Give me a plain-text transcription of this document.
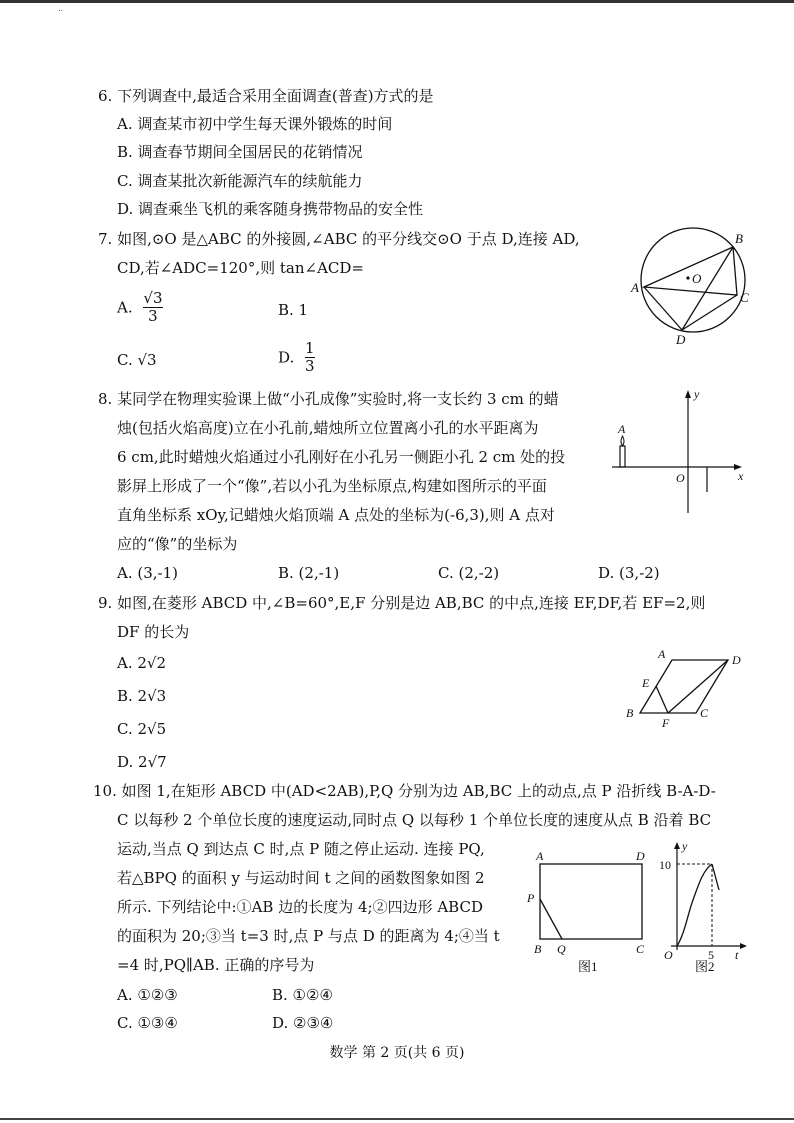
..
6. 下列调查中,最适合采用全面调查(普查)方式的是
A. 调查某市初中学生每天课外锻炼的时间
B. 调查春节期间全国居民的花销情况
C. 调查某批次新能源汽车的续航能力
D. 调查乘坐飞机的乘客随身携带物品的安全性
7. 如图,⊙O 是△ABC 的外接圆,∠ABC 的平分线交⊙O 于点 D,连接 AD,
CD,若∠ADC=120°,则 tan∠ACD=
A. $\frac{√3}{3}$	B. 1
C. √3	D. $\frac{1}{3}$
O
A
B
C
D
8. 某同学在物理实验课上做“小孔成像”实验时,将一支长约 3 cm 的蜡
烛(包括火焰高度)立在小孔前,蜡烛所立位置离小孔的水平距离为
6 cm,此时蜡烛火焰通过小孔刚好在小孔另一侧距小孔 2 cm 处的投
影屏上形成了一个“像”,若以小孔为坐标原点,构建如图所示的平面
直角坐标系 xOy,记蜡烛火焰顶端 A 点处的坐标为(-6,3),则 A 点对
应的“像”的坐标为
A. (3,-1)	B. (2,-1)	C. (2,-2)	D. (3,-2)
y
x
O
A
9. 如图,在菱形 ABCD 中,∠B=60°,E,F 分别是边 AB,BC 的中点,连接 EF,DF,若 EF=2,则
DF 的长为
A. 2√2
B. 2√3
C. 2√5
D. 2√7
A	D
E
B
F
C
10. 如图 1,在矩形 ABCD 中(AD<2AB),P,Q 分别为边 AB,BC 上的动点,点 P 沿折线 B-A-D-
C 以每秒 2 个单位长度的速度运动,同时点 Q 以每秒 1 个单位长度的速度从点 B 沿着 BC
运动,当点 Q 到达点 C 时,点 P 随之停止运动. 连接 PQ,
若△BPQ 的面积 y 与运动时间 t 之间的函数图象如图 2
所示. 下列结论中:①AB 边的长度为 4;②四边形 ABCD
的面积为 20;③当 t=3 时,点 P 与点 D 的距离为 4;④当 t
=4 时,PQ∥AB. 正确的序号为
A. ①②③	B. ①②④
C. ①③④	D. ②③④
A	D
P
B Q	C
图1
y
10
O	5 t
图2
数学 第 2 页(共 6 页)
